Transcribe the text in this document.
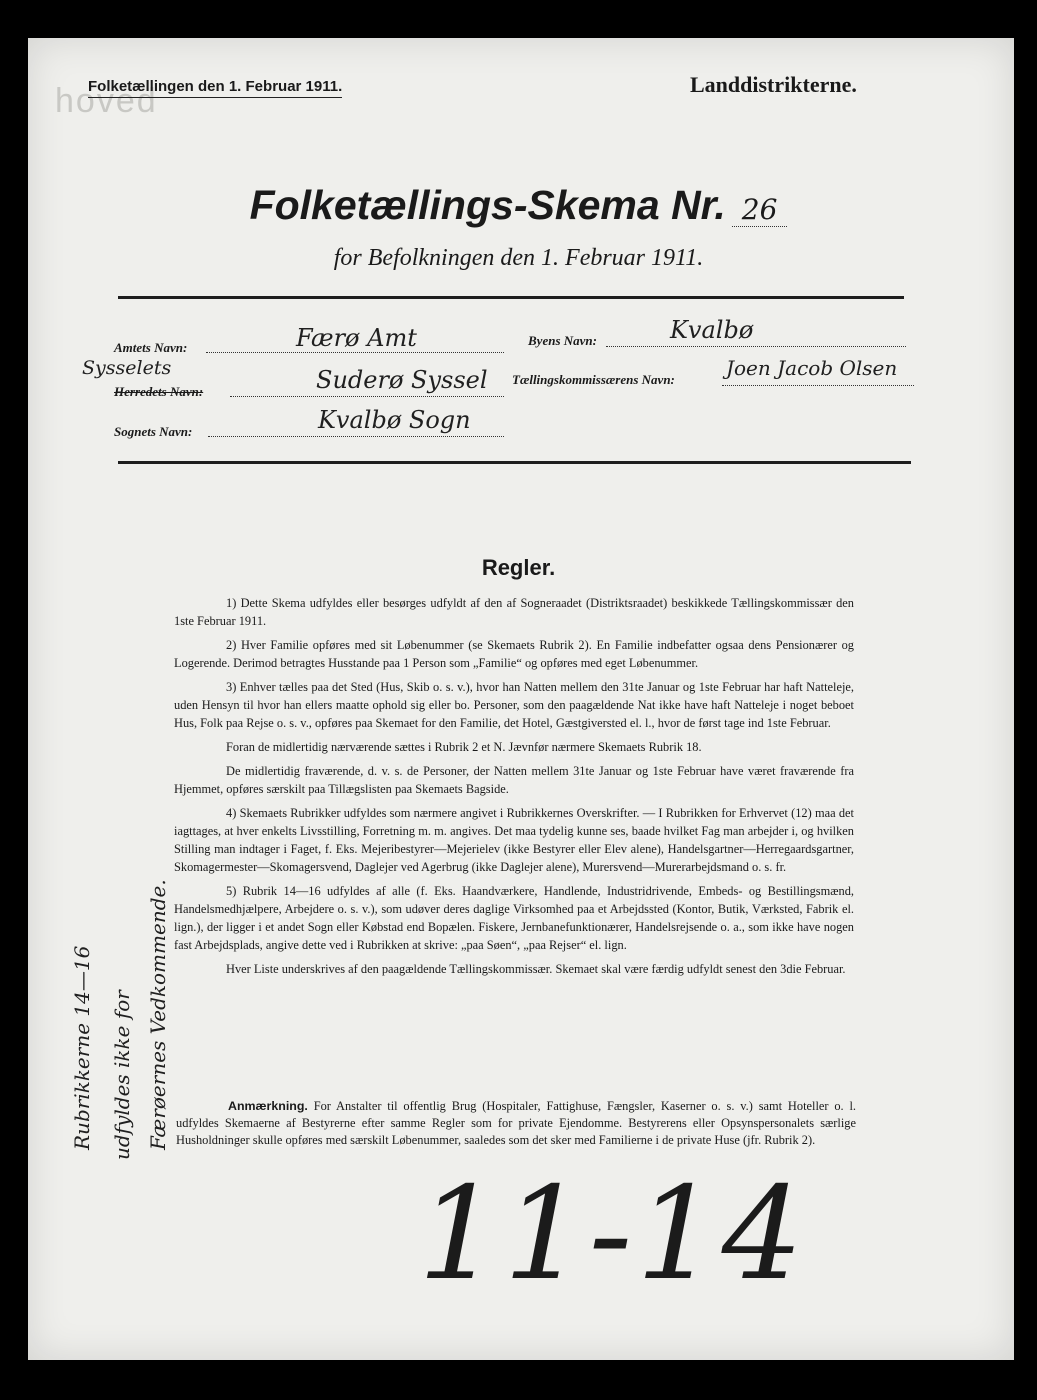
hoved
Folketællingen den 1. Februar 1911.	Landdistrikterne.
Folketællings-Skema Nr. 26
for Befolkningen den 1. Februar 1911.
Amtets Navn:	Færø Amt	Byens Navn:	Kvalbø
Sysselets
Herredets Navn:	Suderø Syssel Tællingskommissærens Navn:	Joen Jacob Olsen
Sognets Navn:	Kvalbø Sogn
Regler.

1) Dette Skema udfyldes eller besørges udfyldt af den af Sogneraadet (Distriktsraadet) beskikkede Tællingskommissær den 1ste Februar 1911.

2) Hver Familie opføres med sit Løbenummer (se Skemaets Rubrik 2). En Familie indbefatter ogsaa dens Pensionærer og Logerende. Derimod betragtes Husstande paa 1 Person som „Familie“ og opføres med eget Løbenummer.

3) Enhver tælles paa det Sted (Hus, Skib o. s. v.), hvor han Natten mellem den 31te Januar og 1ste Februar har haft Natteleje, uden Hensyn til hvor han ellers maatte ophold sig eller bo. Personer, som den paagældende Nat ikke have haft Natteleje i noget beboet Hus, Folk paa Rejse o. s. v., opføres paa Skemaet for den Familie, det Hotel, Gæstgiversted el. l., hvor de først tage ind 1ste Februar.

Foran de midlertidig nærværende sættes i Rubrik 2 et N. Jævnfør nærmere Skemaets Rubrik 18.

De midlertidig fraværende, d. v. s. de Personer, der Natten mellem 31te Januar og 1ste Februar have været fraværende fra Hjemmet, opføres særskilt paa Tillægslisten paa Skemaets Bagside.

4) Skemaets Rubrikker udfyldes som nærmere angivet i Rubrikkernes Overskrifter. — I Rubrikken for Erhvervet (12) maa det iagttages, at hver enkelts Livsstilling, Forretning m. m. angives. Det maa tydelig kunne ses, baade hvilket Fag man arbejder i, og hvilken Stilling man indtager i Faget, f. Eks. Mejeribestyrer—Mejerielev (ikke Bestyrer eller Elev alene), Handelsgartner—Herregaardsgartner, Skomagermester—Skomagersvend, Daglejer ved Agerbrug (ikke Daglejer alene), Murersvend—Murerarbejdsmand o. s. fr.

5) Rubrik 14—16 udfyldes af alle (f. Eks. Haandværkere, Handlende, Industridrivende, Embeds- og Bestillingsmænd, Handelsmedhjælpere, Arbejdere o. s. v.), som udøver deres daglige Virksomhed paa et Arbejdssted (Kontor, Butik, Værksted, Fabrik el. lign.), der ligger i et andet Sogn eller Købstad end Bopælen. Fiskere, Jernbanefunktionærer, Handelsrejsende o. a., som ikke have nogen fast Arbejdsplads, angive dette ved i Rubrikken at skrive: „paa Søen“, „paa Rejser“ el. lign.

Hver Liste underskrives af den paagældende Tællingskommissær. Skemaet skal være færdig udfyldt senest den 3die Februar.

Anmærkning. For Anstalter til offentlig Brug (Hospitaler, Fattighuse, Fængsler, Kaserner o. s. v.) samt Hoteller o. l. udfyldes Skemaerne af Bestyrerne efter samme Regler som for private Ejendomme. Bestyrerens eller Opsynspersonalets særlige Husholdninger skulle opføres med særskilt Løbenummer, saaledes som det sker med Familierne i de private Huse (jfr. Rubrik 2).
Rubrikkerne 14—16 udfyldes ikke for Færøernes Vedkommende.

11-14
